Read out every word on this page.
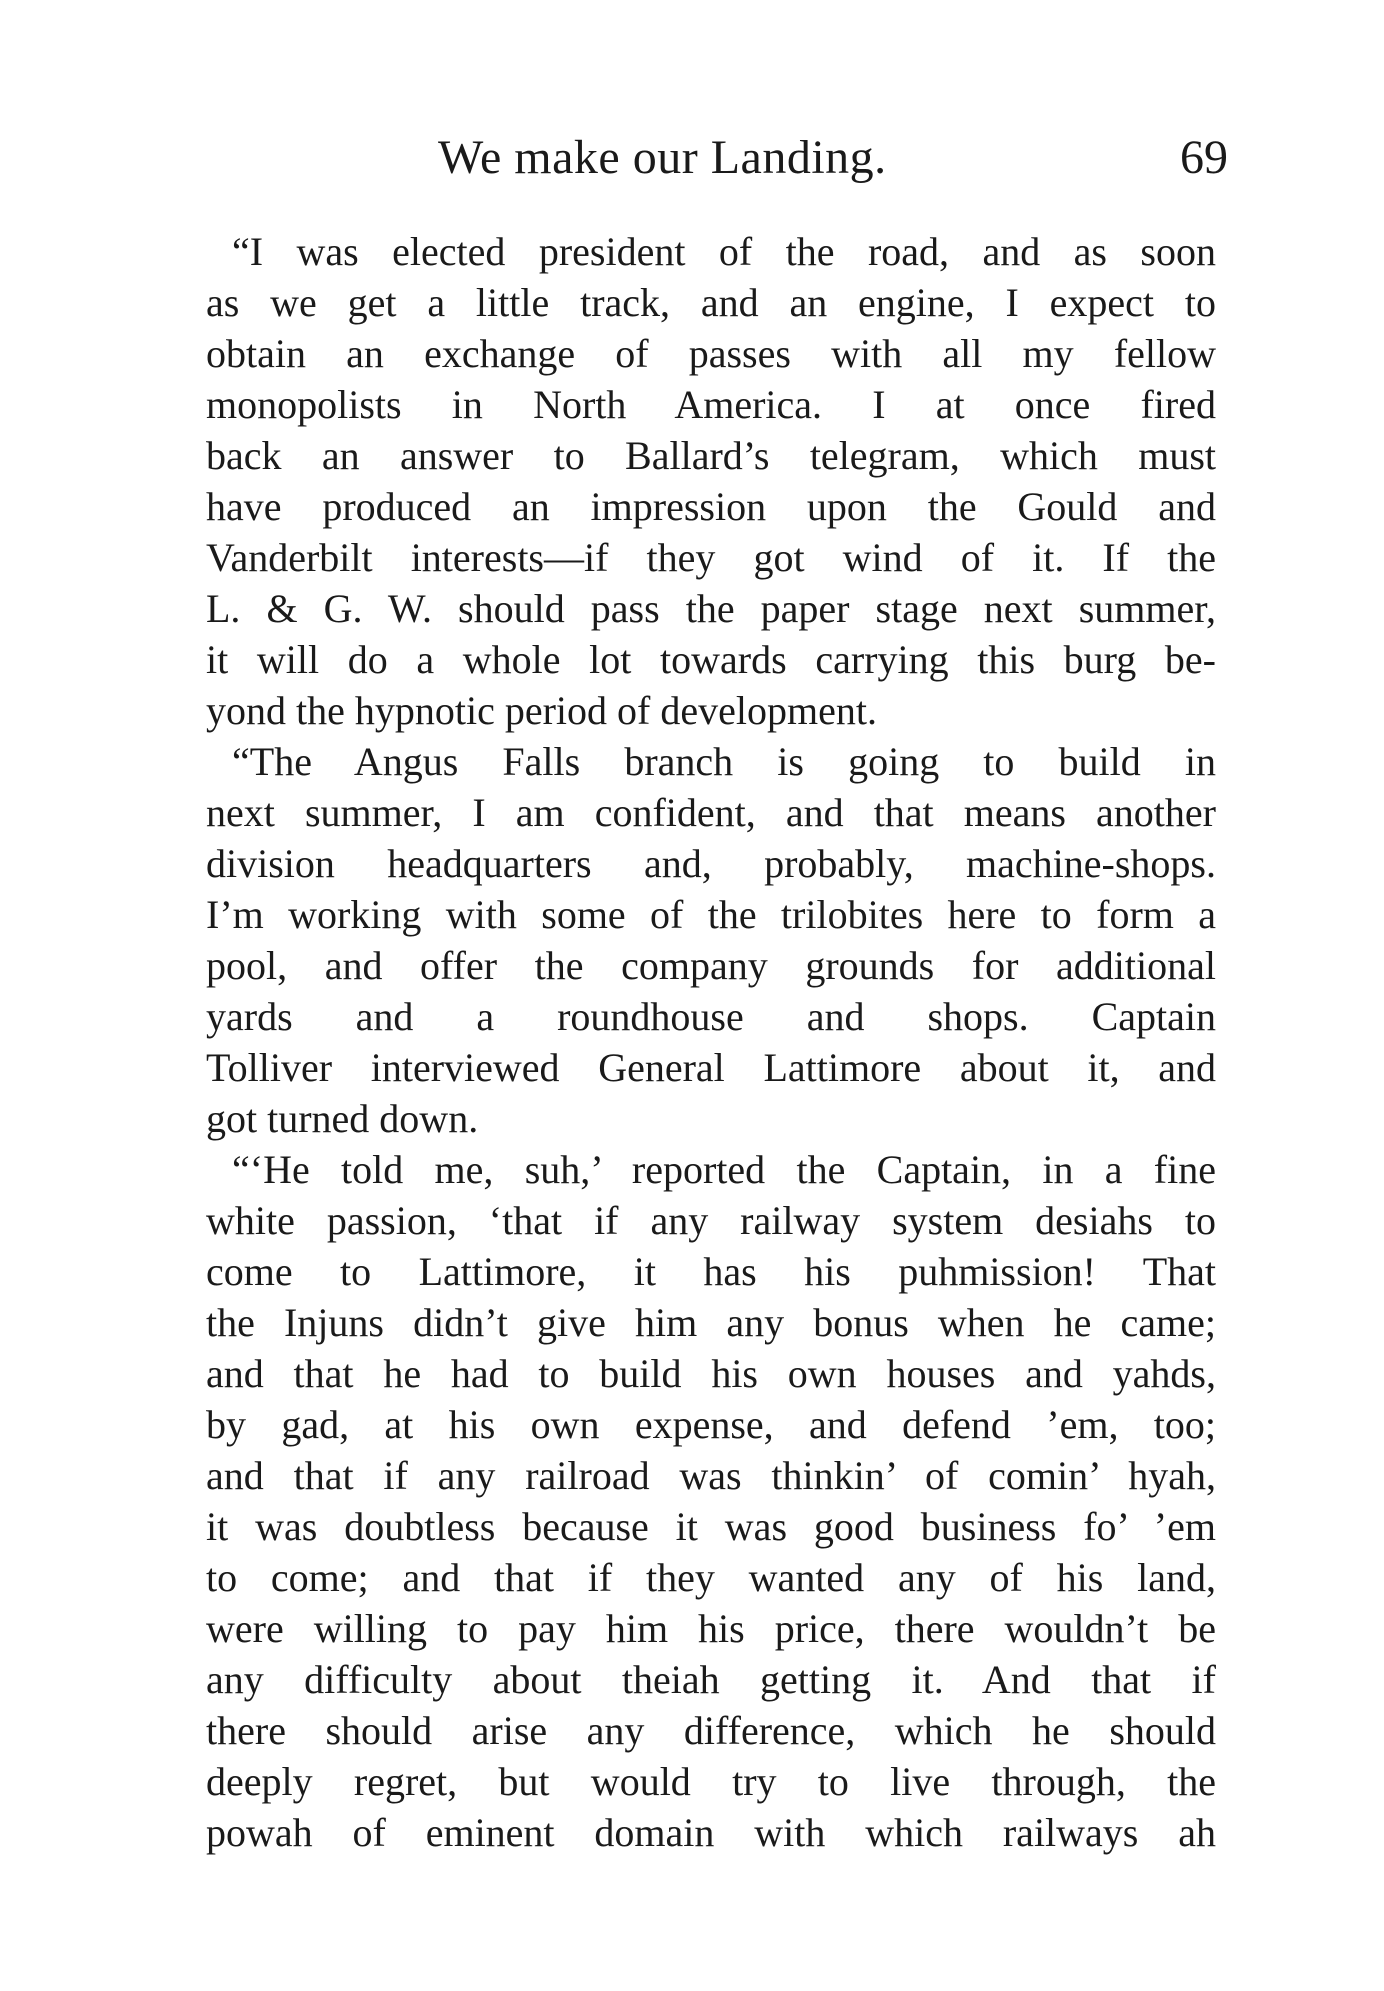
We make our Landing.	69
“I was elected president of the road, and as soon
as we get a little track, and an engine, I expect to
obtain an exchange of passes with all my fellow
monopolists in North America. I at once fired
back an answer to Ballard’s telegram, which must
have produced an impression upon the Gould and
Vanderbilt interests—if they got wind of it. If the
L. & G. W. should pass the paper stage next summer,
it will do a whole lot towards carrying this burg be-
yond the hypnotic period of development.
“The Angus Falls branch is going to build in
next summer, I am confident, and that means another
division headquarters and, probably, machine-shops.
I’m working with some of the trilobites here to form a
pool, and offer the company grounds for additional
yards and a roundhouse and shops. Captain
Tolliver interviewed General Lattimore about it, and
got turned down.
“‘He told me, suh,’ reported the Captain, in a fine
white passion, ‘that if any railway system desiahs to
come to Lattimore, it has his puhmission! That
the Injuns didn’t give him any bonus when he came;
and that he had to build his own houses and yahds,
by gad, at his own expense, and defend ’em, too;
and that if any railroad was thinkin’ of comin’ hyah,
it was doubtless because it was good business fo’ ’em
to come; and that if they wanted any of his land,
were willing to pay him his price, there wouldn’t be
any difficulty about theiah getting it. And that if
there should arise any difference, which he should
deeply regret, but would try to live through, the
powah of eminent domain with which railways ah
